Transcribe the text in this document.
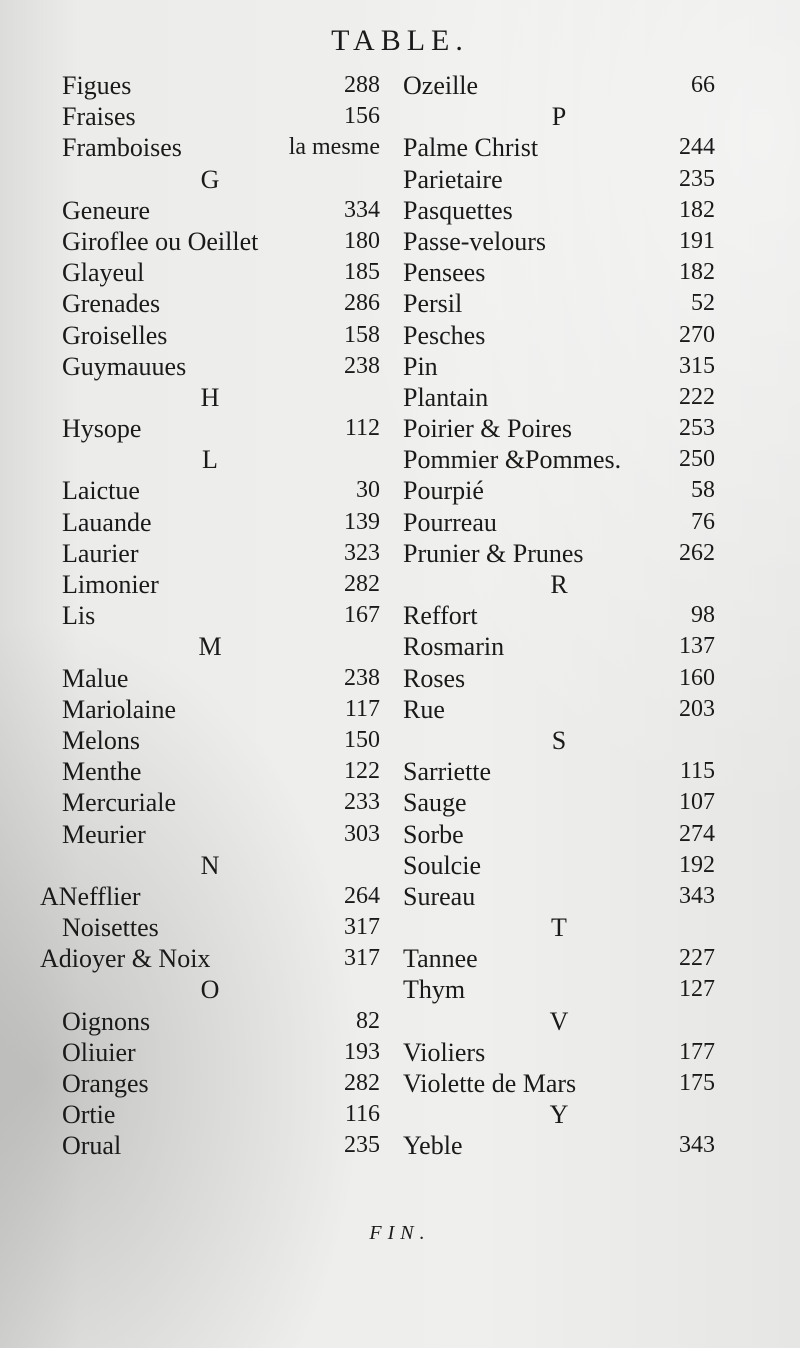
TABLE.
Figues	288
Fraises	156
Framboises	la mesme
G
Geneure	334
Giroflee ou Oeillet	180
Glayeul	185
Grenades	286
Groiselles	158
Guymauues	238
H
Hysope	112
L
Laictue	30
Lauande	139
Laurier	323
Limonier	282
Lis	167
M
Malue	238
Mariolaine	117
Melons	150
Menthe	122
Mercuriale	233
Meurier	303
N
ANefflier	264
Noisettes	317
Adioyer & Noix	317
O
Oignons	82
Oliuier	193
Oranges	282
Ortie	116
Orual	235
Ozeille	66
P
Palme Christ	244
Parietaire	235
Pasquettes	182
Passe-velours	191
Pensees	182
Persil	52
Pesches	270
Pin	315
Plantain	222
Poirier & Poires	253
Pommier &Pommes. 250
Pourpié	58
Pourreau	76
Prunier & Prunes	262
R
Reffort	98
Rosmarin	137
Roses	160
Rue	203
S
Sarriette	115
Sauge	107
Sorbe	274
Soulcie	192
Sureau	343
T
Tannee	227
Thym	127
V
Violiers	177
Violette de Mars	175
Y
Yeble	343
FIN.
